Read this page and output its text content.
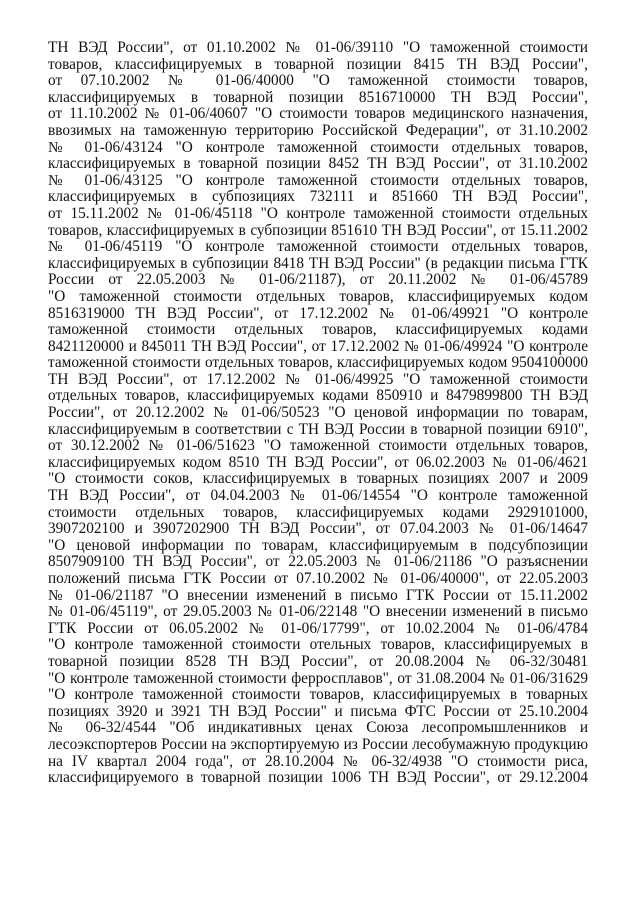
ТН ВЭД России", от 01.10.2002 № 01-06/39110 "О таможенной стоимости
товаров, классифицируемых в товарной позиции 8415 ТН ВЭД России",
от 07.10.2002 № 01-06/40000 "О таможенной стоимости товаров,
классифицируемых в товарной позиции 8516710000 ТН ВЭД России",
от 11.10.2002 № 01-06/40607 "О стоимости товаров медицинского назначения,
ввозимых на таможенную территорию Российской Федерации", от 31.10.2002
№ 01-06/43124 "О контроле таможенной стоимости отдельных товаров,
классифицируемых в товарной позиции 8452 ТН ВЭД России", от 31.10.2002
№ 01-06/43125 "О контроле таможенной стоимости отдельных товаров,
классифицируемых в субпозициях 732111 и 851660 ТН ВЭД России",
от 15.11.2002 № 01-06/45118 "О контроле таможенной стоимости отдельных
товаров, классифицируемых в субпозиции 851610 ТН ВЭД России", от 15.11.2002
№ 01-06/45119 "О контроле таможенной стоимости отдельных товаров,
классифицируемых в субпозиции 8418 ТН ВЭД России" (в редакции письма ГТК
России от 22.05.2003 № 01-06/21187), от 20.11.2002 № 01-06/45789
"О таможенной стоимости отдельных товаров, классифицируемых кодом
8516319000 ТН ВЭД России", от 17.12.2002 № 01-06/49921 "О контроле
таможенной стоимости отдельных товаров, классифицируемых кодами
8421120000 и 845011 ТН ВЭД России", от 17.12.2002 № 01-06/49924 "О контроле
таможенной стоимости отдельных товаров, классифицируемых кодом 9504100000
ТН ВЭД России", от 17.12.2002 № 01-06/49925 "О таможенной стоимости
отдельных товаров, классифицируемых кодами 850910 и 8479899800 ТН ВЭД
России", от 20.12.2002 № 01-06/50523 "О ценовой информации по товарам,
классифицируемым в соответствии с ТН ВЭД России в товарной позиции 6910",
от 30.12.2002 № 01-06/51623 "О таможенной стоимости отдельных товаров,
классифицируемых кодом 8510 ТН ВЭД России", от 06.02.2003 № 01-06/4621
"О стоимости соков, классифицируемых в товарных позициях 2007 и 2009
ТН ВЭД России", от 04.04.2003 № 01-06/14554 "О контроле таможенной
стоимости отдельных товаров, классифицируемых кодами 2929101000,
3907202100 и 3907202900 ТН ВЭД России", от 07.04.2003 № 01-06/14647
"О ценовой информации по товарам, классифицируемым в подсубпозиции
8507909100 ТН ВЭД России", от 22.05.2003 № 01-06/21186 "О разъяснении
положений письма ГТК России от 07.10.2002 № 01-06/40000", от 22.05.2003
№ 01-06/21187 "О внесении изменений в письмо ГТК России от 15.11.2002
№ 01-06/45119", от 29.05.2003 № 01-06/22148 "О внесении изменений в письмо
ГТК России от 06.05.2002 № 01-06/17799", от 10.02.2004 № 01-06/4784
"О контроле таможенной стоимости отельных товаров, классифицируемых в
товарной позиции 8528 ТН ВЭД России", от 20.08.2004 № 06-32/30481
"О контроле таможенной стоимости ферросплавов", от 31.08.2004 № 01-06/31629
"О контроле таможенной стоимости товаров, классифицируемых в товарных
позициях 3920 и 3921 ТН ВЭД России" и письма ФТС России от 25.10.2004
№ 06-32/4544 "Об индикативных ценах Союза лесопромышленников и
лесоэкспортеров России на экспортируемую из России лесобумажную продукцию
на IV квартал 2004 года", от 28.10.2004 № 06-32/4938 "О стоимости риса,
классифицируемого в товарной позиции 1006 ТН ВЭД России", от 29.12.2004
